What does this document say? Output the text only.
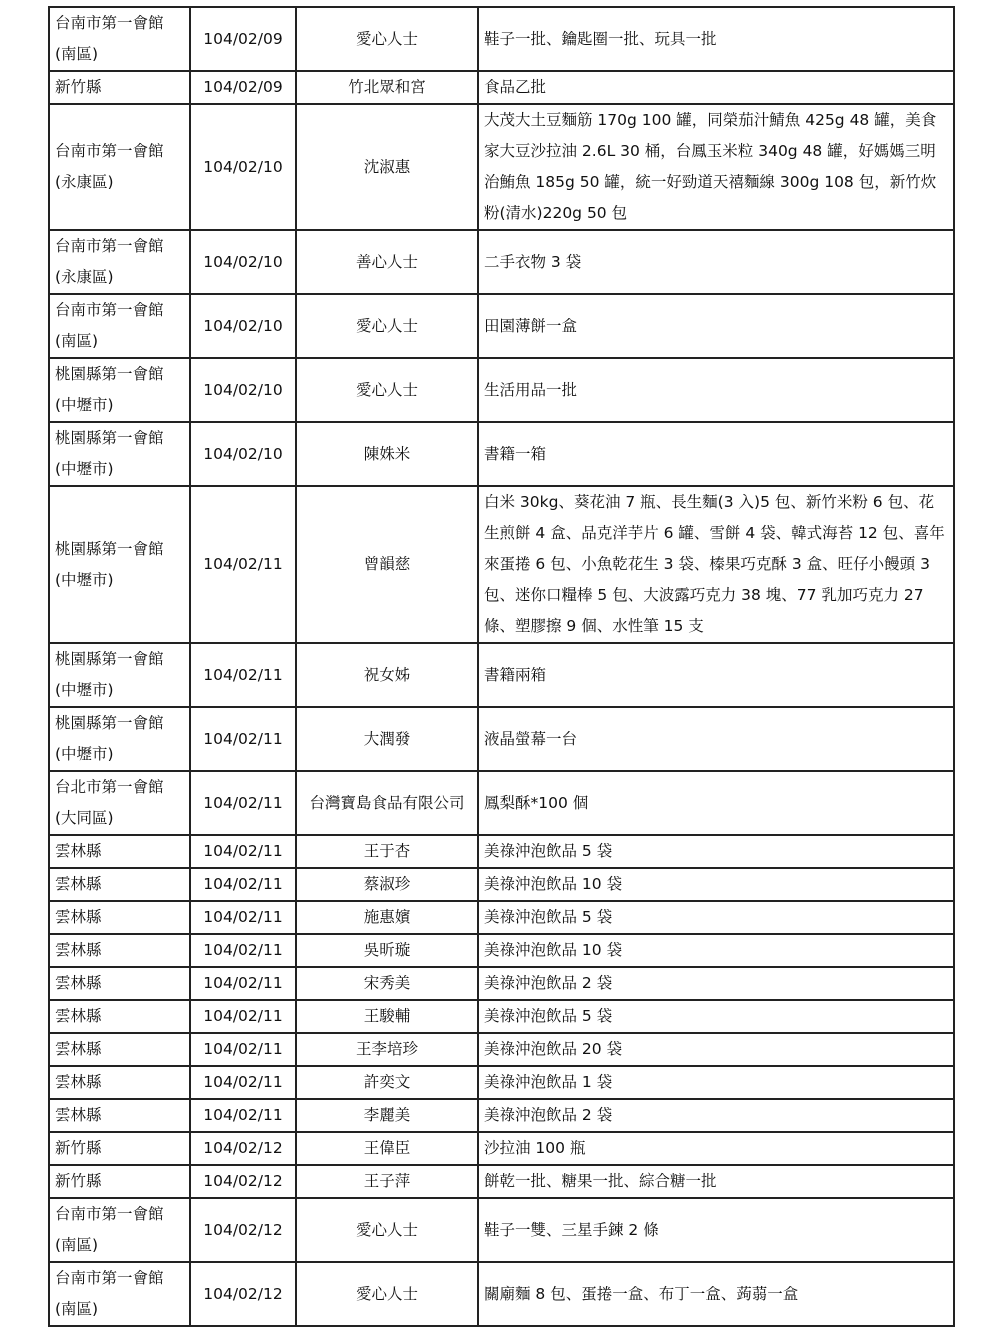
台南市第一會館(南區)	104/02/09	愛心人士	鞋子一批、鑰匙圈一批、玩具一批
新竹縣	104/02/09	竹北眾和宮	食品乙批
台南市第一會館(永康區)	104/02/10	沈淑惠	大茂大土豆麵筋 170g 100 罐，同榮茄汁鯖魚 425g 48 罐，美食家大豆沙拉油 2.6L 30 桶，台鳳玉米粒 340g 48 罐，好媽媽三明治鮪魚 185g 50 罐，統一好勁道天禧麵線 300g 108 包，新竹炊粉(清水)220g 50 包
台南市第一會館(永康區)	104/02/10	善心人士	二手衣物 3 袋
台南市第一會館(南區)	104/02/10	愛心人士	田園薄餅一盒
桃園縣第一會館(中壢市)	104/02/10	愛心人士	生活用品一批
桃園縣第一會館(中壢市)	104/02/10	陳姝米	書籍一箱
桃園縣第一會館(中壢市)	104/02/11	曾韻慈	白米 30kg、葵花油 7 瓶、長生麵(3 入)5 包、新竹米粉 6 包、花生煎餅 4 盒、品克洋芋片 6 罐、雪餅 4 袋、韓式海苔 12 包、喜年來蛋捲 6 包、小魚乾花生 3 袋、榛果巧克酥 3 盒、旺仔小饅頭 3 包、迷你口糧棒 5 包、大波露巧克力 38 塊、77 乳加巧克力 27 條、塑膠擦 9 個、水性筆 15 支
桃園縣第一會館(中壢市)	104/02/11	祝女姊	書籍兩箱
桃園縣第一會館(中壢市)	104/02/11	大潤發	液晶螢幕一台
台北市第一會館(大同區)	104/02/11	台灣寶島食品有限公司	鳳梨酥*100 個
雲林縣	104/02/11	王于杏	美祿沖泡飲品 5 袋
雲林縣	104/02/11	蔡淑珍	美祿沖泡飲品 10 袋
雲林縣	104/02/11	施惠嬪	美祿沖泡飲品 5 袋
雲林縣	104/02/11	吳昕璇	美祿沖泡飲品 10 袋
雲林縣	104/02/11	宋秀美	美祿沖泡飲品 2 袋
雲林縣	104/02/11	王駿輔	美祿沖泡飲品 5 袋
雲林縣	104/02/11	王李培珍	美祿沖泡飲品 20 袋
雲林縣	104/02/11	許奕文	美祿沖泡飲品 1 袋
雲林縣	104/02/11	李麗美	美祿沖泡飲品 2 袋
新竹縣	104/02/12	王偉臣	沙拉油 100 瓶
新竹縣	104/02/12	王子萍	餅乾一批、糖果一批、綜合糖一批
台南市第一會館(南區)	104/02/12	愛心人士	鞋子一雙、三星手鍊 2 條
台南市第一會館(南區)	104/02/12	愛心人士	關廟麵 8 包、蛋捲一盒、布丁一盒、蒟蒻一盒
